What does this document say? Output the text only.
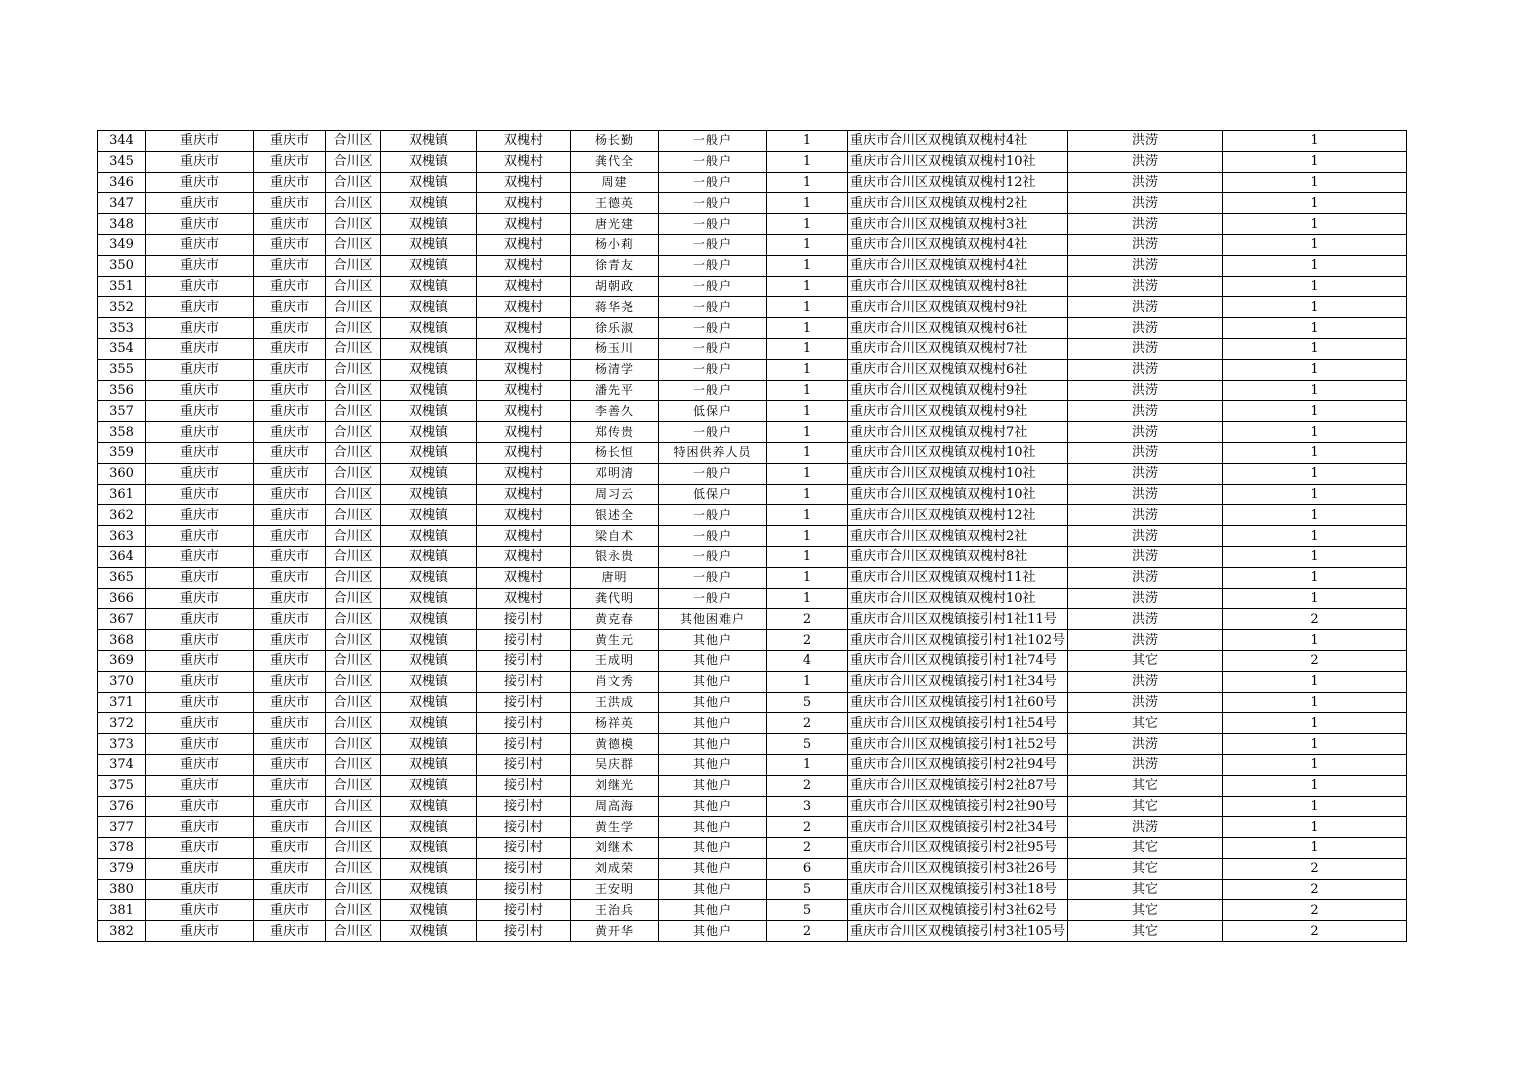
344	重庆市	重庆市	合川区	双槐镇	双槐村	杨长勤	一般户	1	重庆市合川区双槐镇双槐村4社	洪涝	1
345	重庆市	重庆市	合川区	双槐镇	双槐村	龚代全	一般户	1	重庆市合川区双槐镇双槐村10社	洪涝	1
346	重庆市	重庆市	合川区	双槐镇	双槐村	周建	一般户	1	重庆市合川区双槐镇双槐村12社	洪涝	1
347	重庆市	重庆市	合川区	双槐镇	双槐村	王德英	一般户	1	重庆市合川区双槐镇双槐村2社	洪涝	1
348	重庆市	重庆市	合川区	双槐镇	双槐村	唐光建	一般户	1	重庆市合川区双槐镇双槐村3社	洪涝	1
349	重庆市	重庆市	合川区	双槐镇	双槐村	杨小莉	一般户	1	重庆市合川区双槐镇双槐村4社	洪涝	1
350	重庆市	重庆市	合川区	双槐镇	双槐村	徐青友	一般户	1	重庆市合川区双槐镇双槐村4社	洪涝	1
351	重庆市	重庆市	合川区	双槐镇	双槐村	胡朝政	一般户	1	重庆市合川区双槐镇双槐村8社	洪涝	1
352	重庆市	重庆市	合川区	双槐镇	双槐村	蒋华尧	一般户	1	重庆市合川区双槐镇双槐村9社	洪涝	1
353	重庆市	重庆市	合川区	双槐镇	双槐村	徐乐淑	一般户	1	重庆市合川区双槐镇双槐村6社	洪涝	1
354	重庆市	重庆市	合川区	双槐镇	双槐村	杨玉川	一般户	1	重庆市合川区双槐镇双槐村7社	洪涝	1
355	重庆市	重庆市	合川区	双槐镇	双槐村	杨清学	一般户	1	重庆市合川区双槐镇双槐村6社	洪涝	1
356	重庆市	重庆市	合川区	双槐镇	双槐村	潘先平	一般户	1	重庆市合川区双槐镇双槐村9社	洪涝	1
357	重庆市	重庆市	合川区	双槐镇	双槐村	李善久	低保户	1	重庆市合川区双槐镇双槐村9社	洪涝	1
358	重庆市	重庆市	合川区	双槐镇	双槐村	郑传贵	一般户	1	重庆市合川区双槐镇双槐村7社	洪涝	1
359	重庆市	重庆市	合川区	双槐镇	双槐村	杨长恒	特困供养人员	1	重庆市合川区双槐镇双槐村10社	洪涝	1
360	重庆市	重庆市	合川区	双槐镇	双槐村	邓明清	一般户	1	重庆市合川区双槐镇双槐村10社	洪涝	1
361	重庆市	重庆市	合川区	双槐镇	双槐村	周习云	低保户	1	重庆市合川区双槐镇双槐村10社	洪涝	1
362	重庆市	重庆市	合川区	双槐镇	双槐村	银述全	一般户	1	重庆市合川区双槐镇双槐村12社	洪涝	1
363	重庆市	重庆市	合川区	双槐镇	双槐村	梁自术	一般户	1	重庆市合川区双槐镇双槐村2社	洪涝	1
364	重庆市	重庆市	合川区	双槐镇	双槐村	银永贵	一般户	1	重庆市合川区双槐镇双槐村8社	洪涝	1
365	重庆市	重庆市	合川区	双槐镇	双槐村	唐明	一般户	1	重庆市合川区双槐镇双槐村11社	洪涝	1
366	重庆市	重庆市	合川区	双槐镇	双槐村	龚代明	一般户	1	重庆市合川区双槐镇双槐村10社	洪涝	1
367	重庆市	重庆市	合川区	双槐镇	接引村	黄克春	其他困难户	2	重庆市合川区双槐镇接引村1社11号	洪涝	2
368	重庆市	重庆市	合川区	双槐镇	接引村	黄生元	其他户	2	重庆市合川区双槐镇接引村1社102号	洪涝	1
369	重庆市	重庆市	合川区	双槐镇	接引村	王成明	其他户	4	重庆市合川区双槐镇接引村1社74号	其它	2
370	重庆市	重庆市	合川区	双槐镇	接引村	肖文秀	其他户	1	重庆市合川区双槐镇接引村1社34号	洪涝	1
371	重庆市	重庆市	合川区	双槐镇	接引村	王洪成	其他户	5	重庆市合川区双槐镇接引村1社60号	洪涝	1
372	重庆市	重庆市	合川区	双槐镇	接引村	杨祥英	其他户	2	重庆市合川区双槐镇接引村1社54号	其它	1
373	重庆市	重庆市	合川区	双槐镇	接引村	黄德模	其他户	5	重庆市合川区双槐镇接引村1社52号	洪涝	1
374	重庆市	重庆市	合川区	双槐镇	接引村	吴庆群	其他户	1	重庆市合川区双槐镇接引村2社94号	洪涝	1
375	重庆市	重庆市	合川区	双槐镇	接引村	刘继光	其他户	2	重庆市合川区双槐镇接引村2社87号	其它	1
376	重庆市	重庆市	合川区	双槐镇	接引村	周高海	其他户	3	重庆市合川区双槐镇接引村2社90号	其它	1
377	重庆市	重庆市	合川区	双槐镇	接引村	黄生学	其他户	2	重庆市合川区双槐镇接引村2社34号	洪涝	1
378	重庆市	重庆市	合川区	双槐镇	接引村	刘继术	其他户	2	重庆市合川区双槐镇接引村2社95号	其它	1
379	重庆市	重庆市	合川区	双槐镇	接引村	刘成荣	其他户	6	重庆市合川区双槐镇接引村3社26号	其它	2
380	重庆市	重庆市	合川区	双槐镇	接引村	王安明	其他户	5	重庆市合川区双槐镇接引村3社18号	其它	2
381	重庆市	重庆市	合川区	双槐镇	接引村	王治兵	其他户	5	重庆市合川区双槐镇接引村3社62号	其它	2
382	重庆市	重庆市	合川区	双槐镇	接引村	黄开华	其他户	2	重庆市合川区双槐镇接引村3社105号	其它	2
